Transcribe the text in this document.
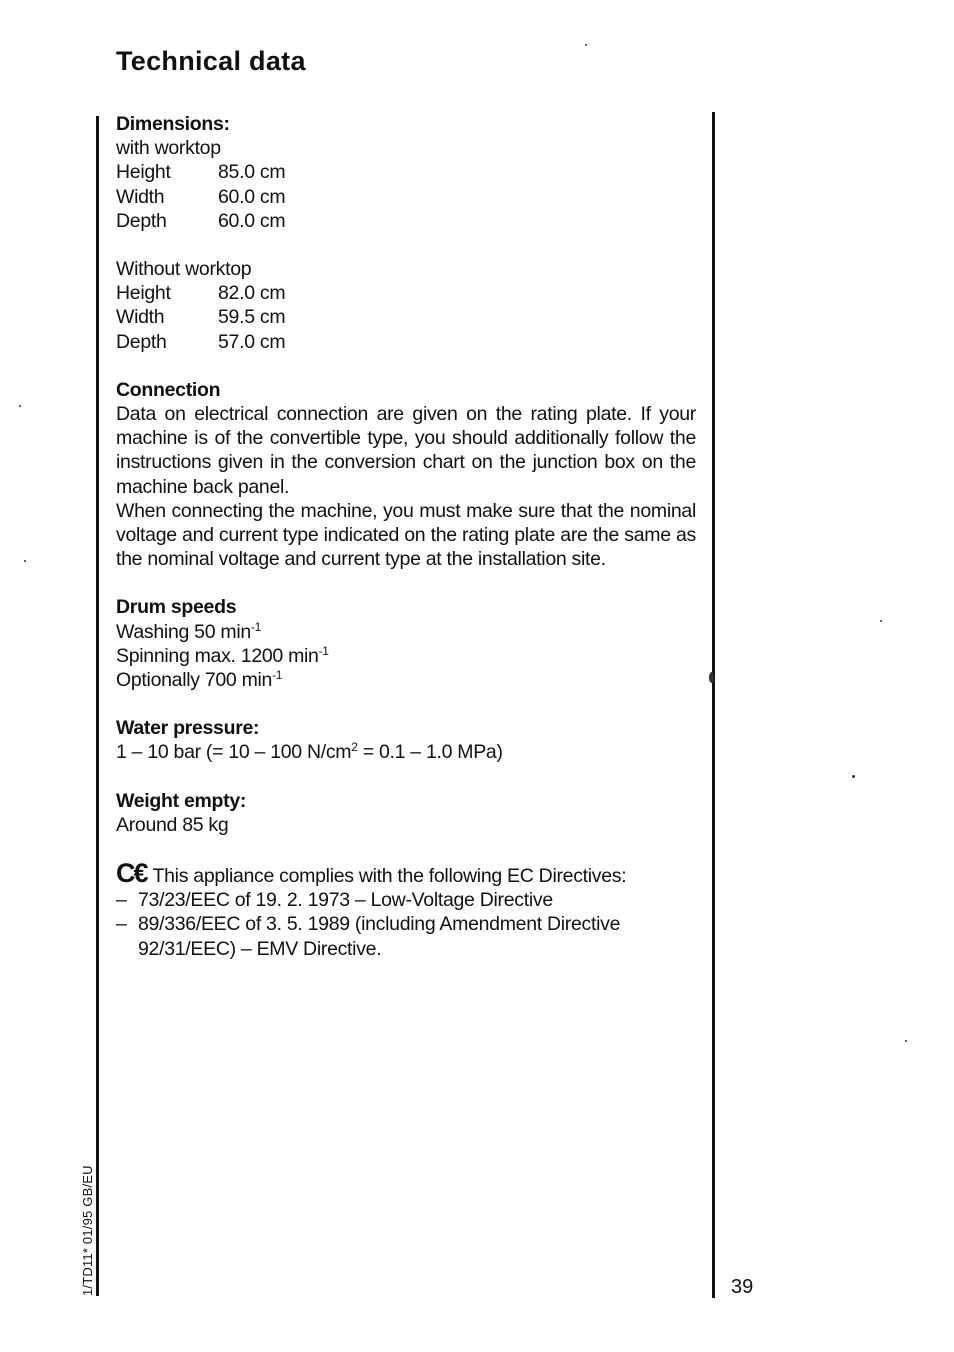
Technical data
Dimensions:
with worktop
Height	85.0 cm
Width	60.0 cm
Depth	60.0 cm
Without worktop
Height	82.0 cm
Width	59.5 cm
Depth	57.0 cm
Connection
Data on electrical connection are given on the rating plate. If your machine is of the convertible type, you should additionally follow the instructions given in the conversion chart on the junction box on the machine back panel.
When connecting the machine, you must make sure that the nominal voltage and current type indicated on the rating plate are the same as the nominal voltage and current type at the installation site.
Drum speeds
Washing 50 $\min^{-1}$
Spinning max. 1200 $\min^{-1}$
Optionally 700 $\min^{-1}$
Water pressure:
1 – 10 bar (= 10 – 100 $N/cm^2 = 0.1 - 1.0$ MPa)
Weight empty:
Around 85 kg
C€ This appliance complies with the following EC Directives:
– 73/23/EEC of 19. 2. 1973 – Low-Voltage Directive
– 89/336/EEC of 3. 5. 1989 (including Amendment Directive 92/31/EEC) – EMV Directive.
1/TD11* 01/95 GB/EU	39
